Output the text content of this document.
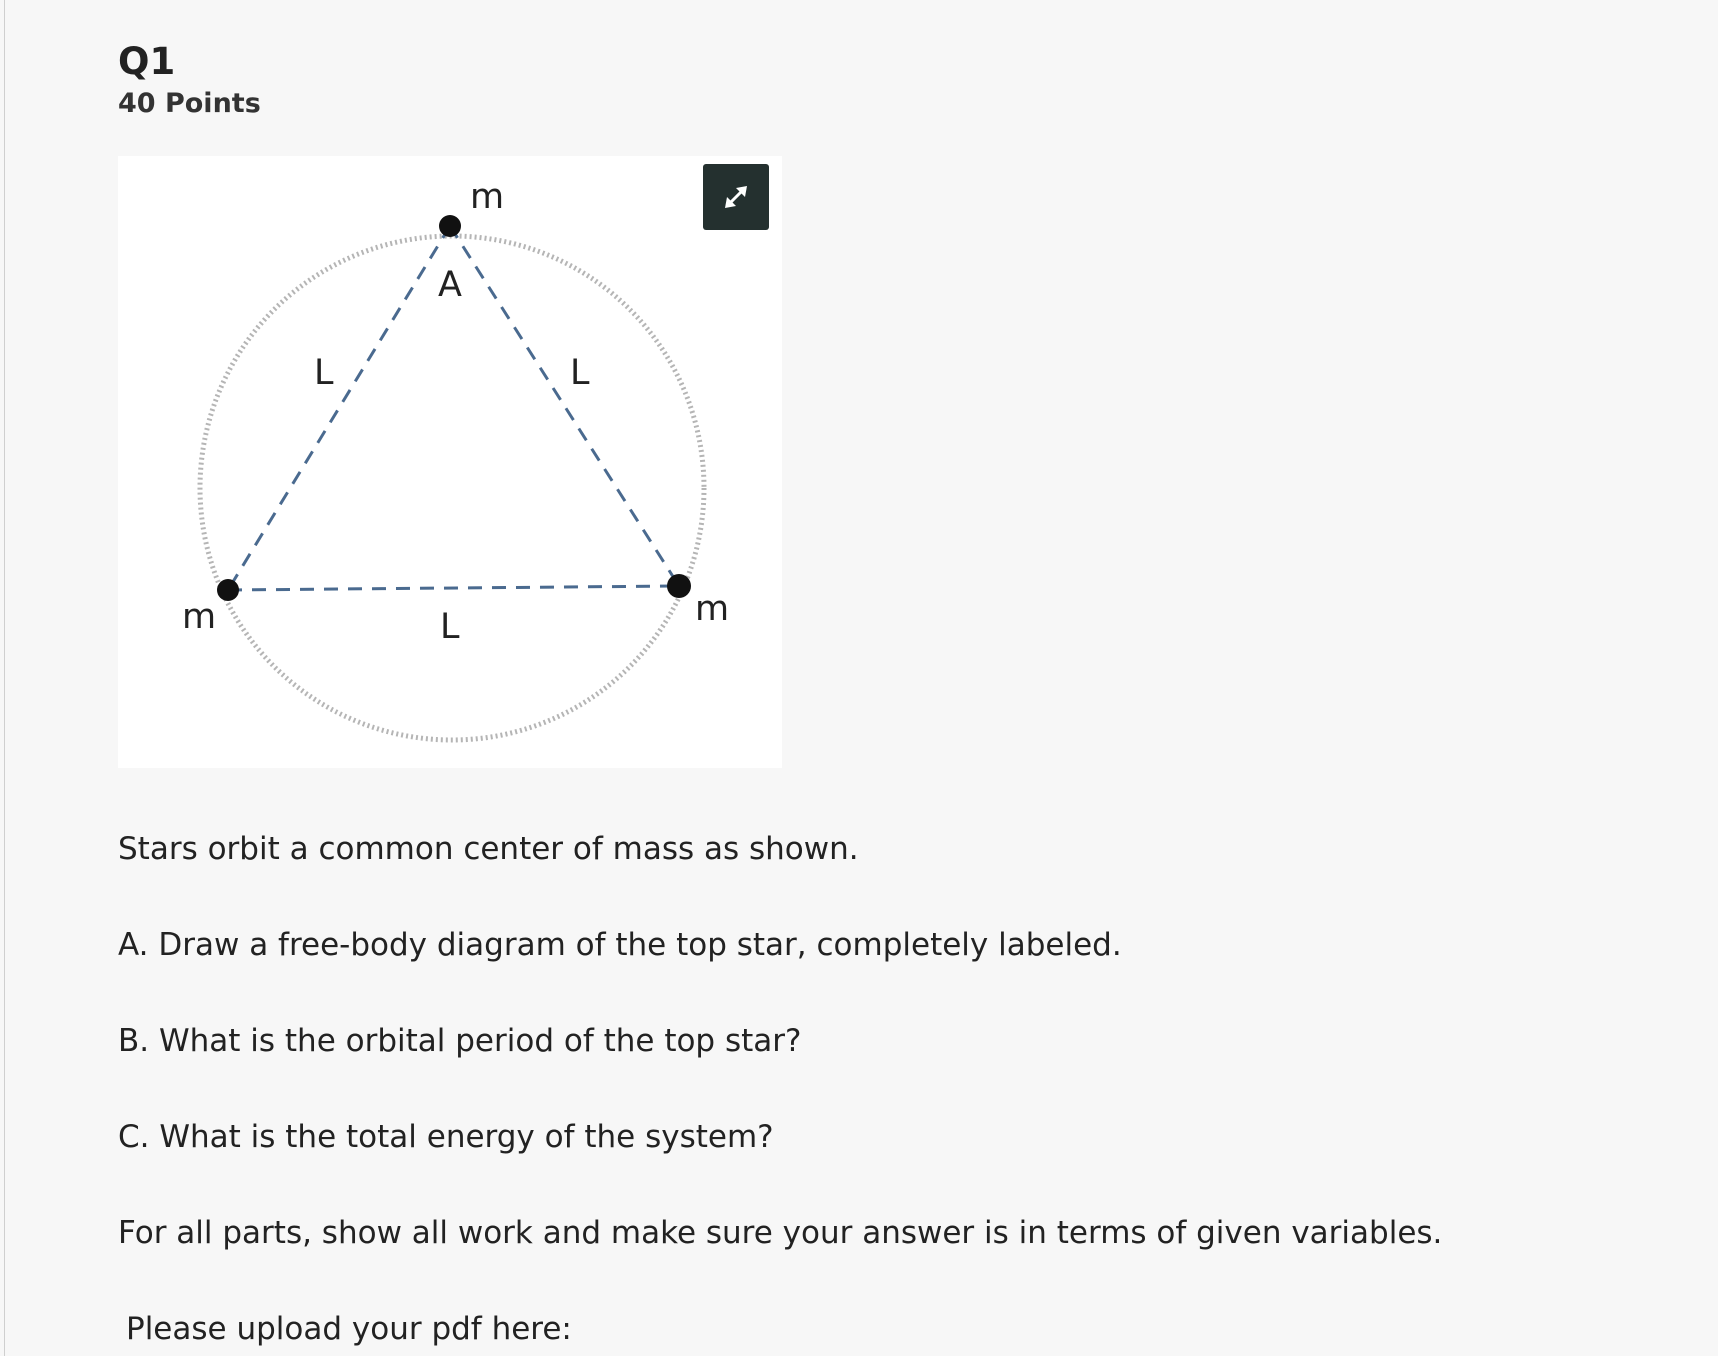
Q1
40 Points
m
A
L	L
m	m
L
Stars orbit a common center of mass as shown.
A. Draw a free-body diagram of the top star, completely labeled.
B. What is the orbital period of the top star?
C. What is the total energy of the system?
For all parts, show all work and make sure your answer is in terms of given variables.
Please upload your pdf here:
